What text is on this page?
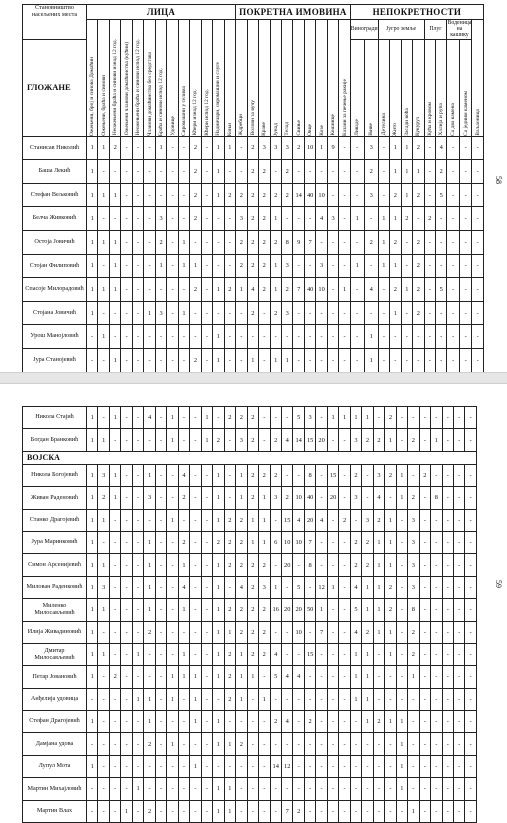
Становништво насељених места	ЛИЦА													ПОКРЕТНА ИМОВИНА										НЕПОКРЕТНОСТИ										

	Ожењени, број и синова Домаћин	Ожењени, браћа и синови	Неожењени браћа и синови изнад 12 год.	Ожењени чланови домаћинства (кућни)	Неожењени браћа и синови испод 12 год.	Чланови домаћинства без средстава	Браћа и синови испод 12 год.	Удовице	Сиромашни у селима	Кћери изнад 12 год.	Кћери испод 12 год.	Надничари, сиромашни и слуге	Коњи	Ждребци	Волови за вучу	Краве	Јунад	Телад	Свиње	Овце	Козе	Кошнице	Казани за печење ракије	Виногради		Југро земље				Плуг		Воденица на кашику		Ваљаоница

ГЛОЖАНЕ																								Ливаде	Њиве	Детелина	Жито	Засади воћа	Кукуруз	Кућа и кровом	Халија и рупа	Са два камена	Са једним каменом	

Станисав Николић	1	1	2	-	-	-	1	-	-	2	-	1	1	-	2	3	3	3	2	10	1	9	-	-	3	-	1	1	2	-	4	-	-	-
Баша Лекић	1	-	-	-	-	-	-	-	-	2	-	1	-	-	2	2	-	2	-	-	-	-	-	-	2	-	1	1	1	-	2	-	-	-
Стефан Вељковић	1	1	1	-	-	-	-	-	-	2	-	1	2	2	2	2	2	2	14	40	10	-	-	-	3	-	2	1	2	-	5	-	-	-
Белча Живковић	1	-	-	-	-	-	3	-	-	2	-	-	-	3	2	2	1	-	-	-	4	3	-	1	-	1	1	2	-	2	-	-	-	-
Остоја Јовичић	1	1	1	-	-	-	2	-	1	-	-	-	-	2	2	2	2	8	9	7	-	-	-	-	2	1	2	-	2	-	-	-	-	-
Стојан Филиповић	1	-	1	-	-	-	1	-	1	1	-	-	-	2	2	2	1	3	-	-	3	-	-	1	-	1	1	-	2	-	-	-	-	-
Спасоје Милорадовић	1	1	1	-	-	-	-	-	-	2	-	1	2	1	4	2	1	2	7	40	10	-	1	-	4	-	2	1	2	-	5	-	-	-
Стојана Јовичић	1	-	-	-	-	1	3	-	1	-	-	-	-	-	2	-	2	3	-	-	-	-	-	-	-	-	1	-	2	-	-	-	-	-
Урош Манојловић	-	1	-	-	-	-	-	-	-	-	-	1	-	-	-	-	-	-	-	-	-	-	-	-	1	-	-	-	-	-	-	-	-	-
Јура Станојевић	-	-	1	-	-	-	-	-	-	2	-	1	-	-	1	-	1	1	-	-	-	-	-	-	1	-	-	-	-	-	-	-	-	-

58
Никола Стајић	1	-	1	-	-	4	-	1	-	-	1	-	2	2	2	-	-	-	5	3	-	1	1	1	1	-	2	-	-	-	-	-	-	-
Богдан Бранковић	1	1	-	-	-	-	-	1	-	-	1	2	-	3	2	-	2	4	14	15	20	-	-	3	2	2	1	-	2	-	1	-	-	-
ВОЈСКА																																		
Никола Богојевић	1	3	1	-	-	1	-	-	4	-	-	1	-	1	2	2	2	-	-	8	-	15	-	2	-	3	2	1	-	2	-	-	-	-
Живан Раденовић	1	2	1	-	-	3	-	-	2	-	-	1	-	1	2	1	3	2	10	40	-	20	-	3	-	4	-	1	2	-	8	-	-	-
Станко Драгојевић	1	1	-	-	-	-	-	1	-	-	-	1	2	2	1	1	-	15	4	20	4	-	2	-	3	2	1	-	3	-	-	-	-	-
Јура Маринковић	1	-	-	-	-	1	-	-	2	-	-	2	2	2	1	1	6	10	10	7	-	-	-	2	2	1	1	-	3	-	-	-	-	-
Симон Арсенијевић	1	1	-	-	-	1	-	-	1	-	-	1	2	2	2	2	-	20	-	8	-	-	-	2	2	1	1	-	3	-	-	-	-	-
Милован Раденковић	1	3	-	-	-	1	-	-	4	-	-	1	-	4	2	3	1	-	5	-	12	1	-	4	1	1	2	-	3	-	-	-	-	-
Миленко Милосављевић	1	1	-	-	-	1	-	-	1	-	-	1	2	2	2	2	16	20	20	50	1	-	-	5	1	1	2	-	8	-	-	-	-	-
Илија Живадиновић	1	-	-	-	-	2	-	-	-	-	-	1	1	2	2	2	-	-	10	-	7	-	-	4	2	1	1	-	2	-	-	-	-	-
Дмитар Милосављевић	1	1	-	-	1	-	-	-	1	-	-	1	2	1	2	2	4	-	-	15	-	-	-	1	1	-	1	-	2	-	-	-	-	-
Петар Јовановић	1	-	2	-	-	-	-	1	1	1	-	1	2	1	1	-	5	4	4	-	-	-	-	1	1	-	-	-	1	-	-	-	-	-
Анђелија удовица	-	-	-	-	1	1	-	1	-	1	-	-	2	1	-	1	-	-	-	-	-	-	-	1	1	-	-	-	-	-	-	-	-	-
Стефан Драгојевић	1	-	-	-	-	1	-	-	-	1	-	1	-	-	-	-	2	4	-	2	-	-	-	-	1	2	1	1	-	-	-	-	-	-
Дамјана удова	-	-	-	-	-	2	-	1	-	-	-	1	1	2	-	-	-	-	-	-	-	-	-	-	-	-	-	1	-	-	-	-	-	-
Лупул Мота	1	-	-	-	-	-	-	-	-	1	-	-	-	-	-	-	14	12	-	-	-	-	-	-	-	-	-	1	-	-	-	-	-	-
Мартин Михајловић	-	-	-	-	1	-	-	-	-	-	-	1	1	-	-	-	-	-	-	-	-	-	-	-	-	-	-	1	-	-	-	-	-	-
Мартин Влах	-	-	-	1	-	2	-	-	-	-	-	1	1	-	-	-	-	7	2	-	-	-	-	-	-	-	-	-	1	-	-	-	-	-
59
